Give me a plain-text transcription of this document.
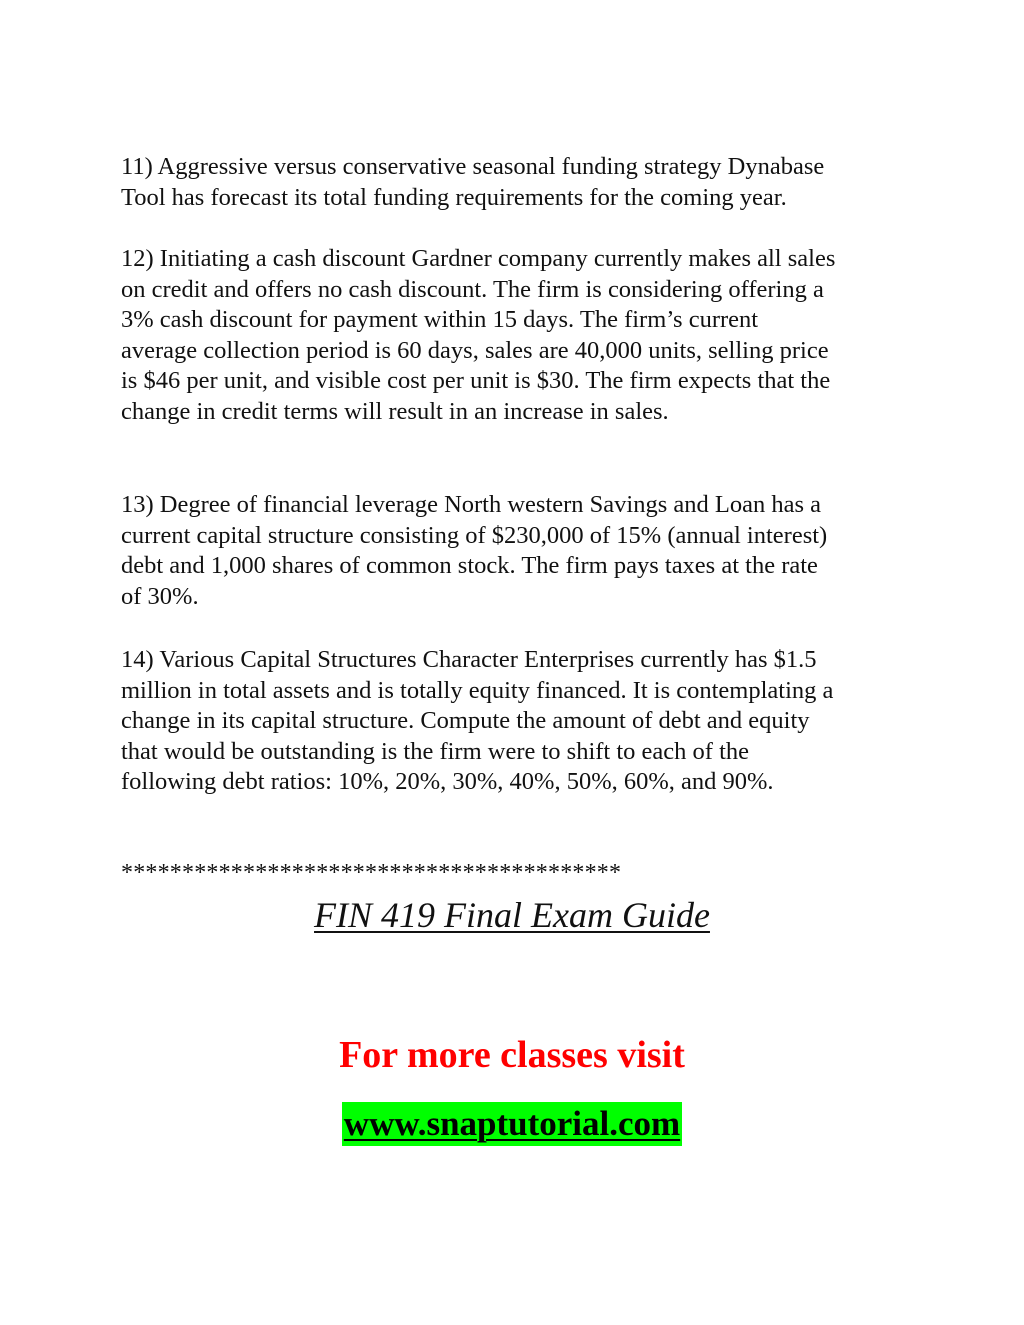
11) Aggressive versus conservative seasonal funding strategy Dynabase
Tool has forecast its total funding requirements for the coming year.

12) Initiating a cash discount Gardner company currently makes all sales
on credit and offers no cash discount. The firm is considering offering a
3% cash discount for payment within 15 days. The firm’s current
average collection period is 60 days, sales are 40,000 units, selling price
is $46 per unit, and visible cost per unit is $30. The firm expects that the
change in credit terms will result in an increase in sales.

13) Degree of financial leverage North western Savings and Loan has a
current capital structure consisting of $230,000 of 15% (annual interest)
debt and 1,000 shares of common stock. The firm pays taxes at the rate
of 30%.

14) Various Capital Structures Character Enterprises currently has $1.5
million in total assets and is totally equity financed. It is contemplating a
change in its capital structure. Compute the amount of debt and equity
that would be outstanding is the firm were to shift to each of the
following debt ratios: 10%, 20%, 30%, 40%, 50%, 60%, and 90%.

*****************************************
FIN 419 Final Exam Guide
For more classes visit
www.snaptutorial.com
